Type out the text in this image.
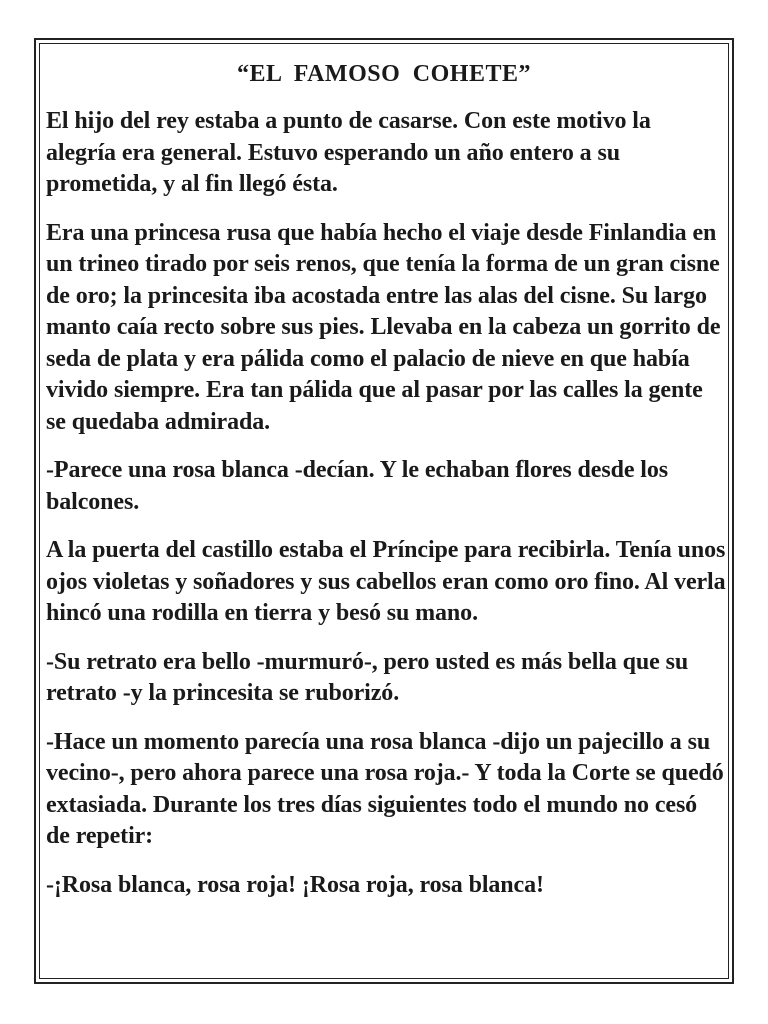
“EL FAMOSO COHETE”

El hijo del rey estaba a punto de casarse. Con este motivo la alegría era general. Estuvo esperando un año entero a su prometida, y al fin llegó ésta.

Era una princesa rusa que había hecho el viaje desde Finlandia en un trineo tirado por seis renos, que tenía la forma de un gran cisne de oro; la princesita iba acostada entre las alas del cisne. Su largo manto caía recto sobre sus pies. Llevaba en la cabeza un gorrito de seda de plata y era pálida como el palacio de nieve en que había vivido siempre. Era tan pálida que al pasar por las calles la gente se quedaba admirada.

-Parece una rosa blanca -decían. Y le echaban flores desde los balcones.

A la puerta del castillo estaba el Príncipe para recibirla. Tenía unos ojos violetas y soñadores y sus cabellos eran como oro fino. Al verla hincó una rodilla en tierra y besó su mano.

-Su retrato era bello -murmuró-, pero usted es más bella que su retrato -y la princesita se ruborizó.

-Hace un momento parecía una rosa blanca -dijo un pajecillo a su vecino-, pero ahora parece una rosa roja.- Y toda la Corte se quedó extasiada. Durante los tres días siguientes todo el mundo no cesó de repetir:

-¡Rosa blanca, rosa roja! ¡Rosa roja, rosa blanca!
